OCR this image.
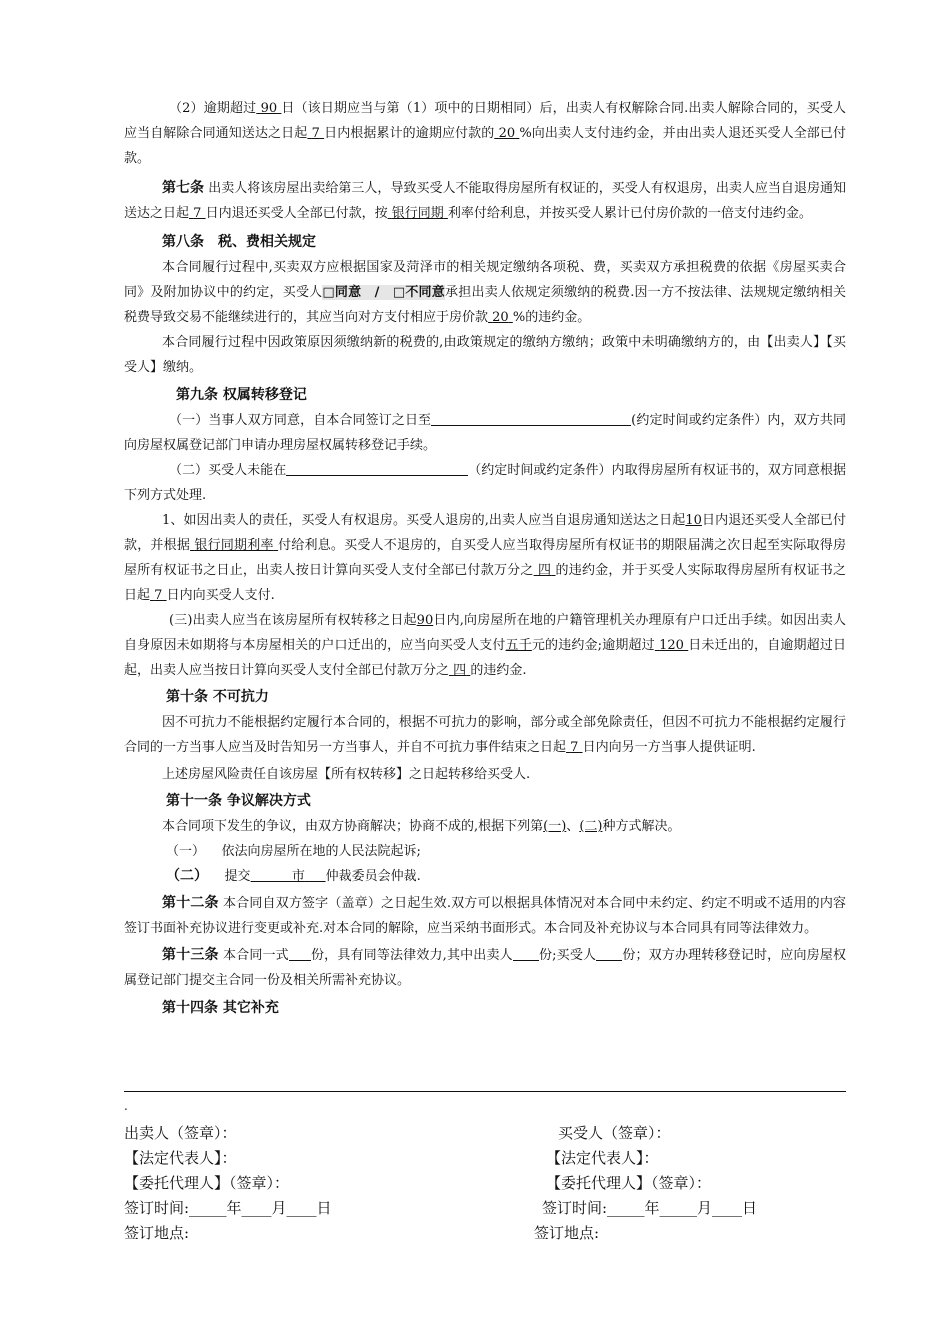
（2）逾期超过 90 日（该日期应当与第（1）项中的日期相同）后，出卖人有权解除合同.出卖人解除合同的，买受人应当自解除合同通知送达之日起 7 日内根据累计的逾期应付款的 20 %向出卖人支付违约金，并由出卖人退还买受人全部已付款。

第七条 出卖人将该房屋出卖给第三人，导致买受人不能取得房屋所有权证的，买受人有权退房，出卖人应当自退房通知送达之日起 7 日内退还买受人全部已付款，按 银行同期 利率付给利息，并按买受人累计已付房价款的一倍支付违约金。

第八条　税、费相关规定

本合同履行过程中,买卖双方应根据国家及菏泽市的相关规定缴纳各项税、费，买卖双方承担税费的依据《房屋买卖合同》及附加协议中的约定，买受人□同意　/　□不同意承担出卖人依规定须缴纳的税费.因一方不按法律、法规规定缴纳相关税费导致交易不能继续进行的，其应当向对方支付相应于房价款 20 %的违约金。

本合同履行过程中因政策原因须缴纳新的税费的,由政策规定的缴纳方缴纳；政策中未明确缴纳方的，由【出卖人】【买受人】缴纳。

第九条 权属转移登记

（一）当事人双方同意，自本合同签订之日至	(约定时间或约定条件）内，双方共同向房屋权属登记部门申请办理房屋权属转移登记手续。

（二）买受人未能在	（约定时间或约定条件）内取得房屋所有权证书的，双方同意根据下列方式处理.

1、如因出卖人的责任，买受人有权退房。买受人退房的,出卖人应当自退房通知送达之日起10日内退还买受人全部已付款，并根据 银行同期利率 付给利息。买受人不退房的，自买受人应当取得房屋所有权证书的期限届满之次日起至实际取得房屋所有权证书之日止，出卖人按日计算向买受人支付全部已付款万分之 四 的违约金，并于买受人实际取得房屋所有权证书之日起 7 日内向买受人支付.

(三)出卖人应当在该房屋所有权转移之日起90日内,向房屋所在地的户籍管理机关办理原有户口迁出手续。如因出卖人自身原因未如期将与本房屋相关的户口迁出的，应当向买受人支付五千元的违约金;逾期超过 120 日未迁出的，自逾期超过日起，出卖人应当按日计算向买受人支付全部已付款万分之 四 的违约金.

第十条 不可抗力

因不可抗力不能根据约定履行本合同的，根据不可抗力的影响，部分或全部免除责任，但因不可抗力不能根据约定履行合同的一方当事人应当及时告知另一方当事人，并自不可抗力事件结束之日起 7 日内向另一方当事人提供证明.

上述房屋风险责任自该房屋【所有权转移】之日起转移给买受人.

第十一条 争议解决方式

本合同项下发生的争议，由双方协商解决；协商不成的,根据下列第(一)、(二)种方式解决。

（一） 依法向房屋所在地的人民法院起诉;

（二） 提交	市 仲裁委员会仲裁.

第十二条 本合同自双方签字（盖章）之日起生效.双方可以根据具体情况对本合同中未约定、约定不明或不适用的内容签订书面补充协议进行变更或补充.对本合同的解除，应当采纳书面形式。本合同及补充协议与本合同具有同等法律效力。

第十三条 本合同一式 份，具有同等法律效力,其中出卖人 份;买受人 份；双方办理转移登记时，应向房屋权属登记部门提交主合同一份及相关所需补充协议。

第十四条 其它补充

.
出卖人（签章）：	买受人（签章）：
【法定代表人】：	【法定代表人】：
【委托代理人】（签章）：	【委托代理人】（签章）：
签订时间:_____年____月____日	签订时间:_____年_____月____日
签订地点:	签订地点:
